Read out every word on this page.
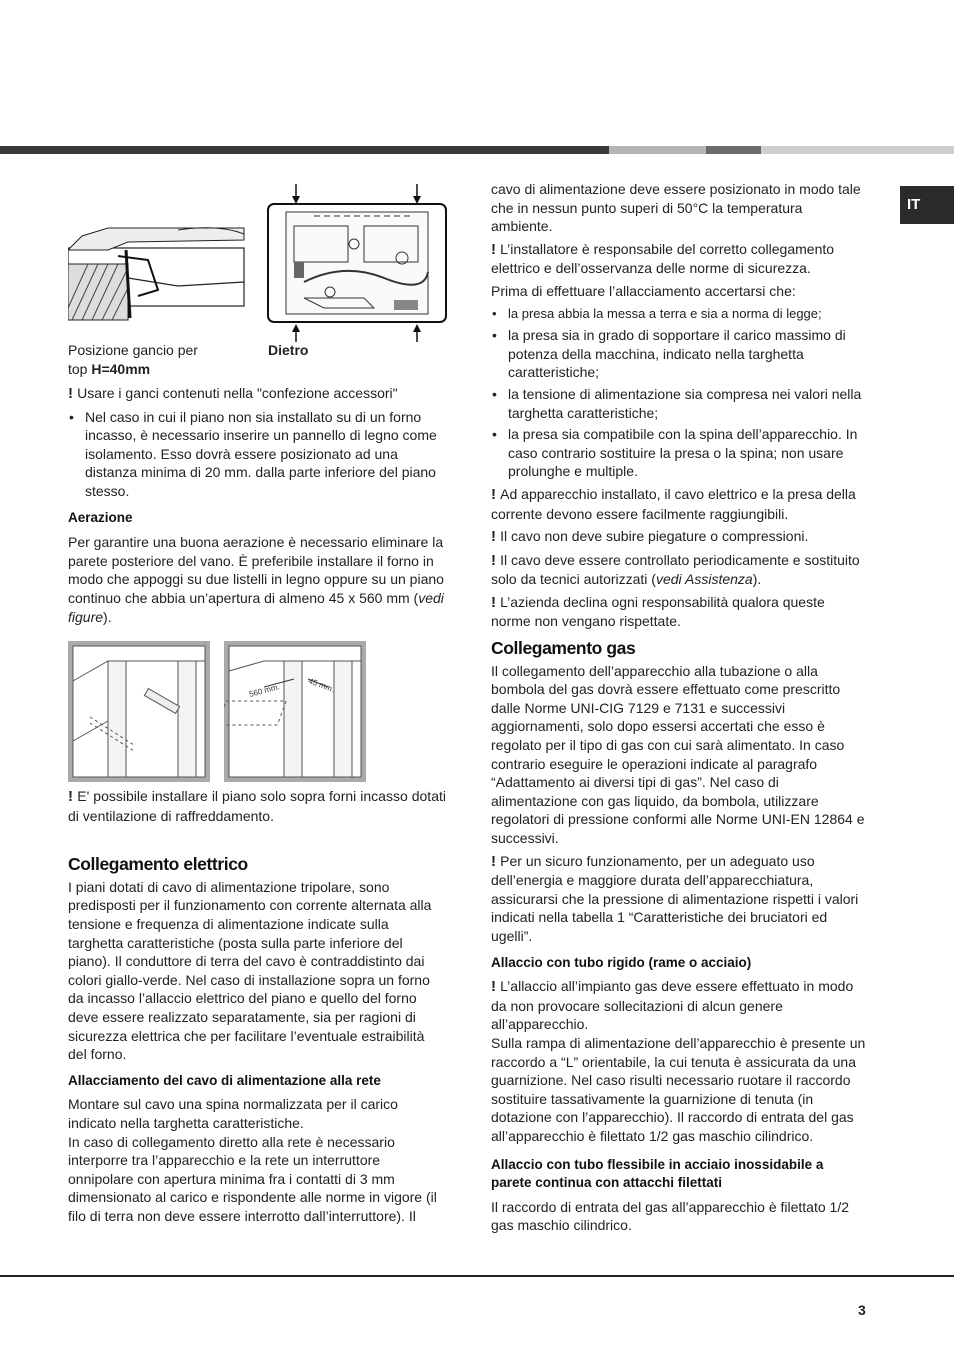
IT
Posizione gancio per
top H=40mm
Dietro

! Usare i ganci contenuti nella "confezione accessori"

• Nel caso in cui il piano non sia installato su di un forno incasso, è necessario inserire un pannello di legno come isolamento. Esso dovrà essere posizionato ad una distanza minima di 20 mm. dalla parte inferiore del piano stesso.
Aerazione

Per garantire una buona aerazione è necessario eliminare la parete posteriore del vano. È preferibile installare il forno in modo che appoggi su due listelli in legno oppure su un piano continuo che abbia un’apertura di almeno 45 x 560 mm (vedi figure).

560 mm.	45 mm.

! E' possibile installare il piano solo sopra forni incasso dotati di ventilazione di raffreddamento.

Collegamento elettrico

I piani dotati di cavo di alimentazione tripolare, sono predisposti per il funzionamento con corrente alternata alla tensione e frequenza di alimentazione indicate sulla targhetta caratteristiche (posta sulla parte inferiore del piano). Il conduttore di terra del cavo è contraddistinto dai colori giallo-verde. Nel caso di installazione sopra un forno da incasso l’allaccio elettrico del piano e quello del forno deve essere realizzato separatamente, sia per ragioni di sicurezza elettrica che per facilitare l’eventuale estraibilità del forno.

Allacciamento del cavo di alimentazione alla rete

Montare sul cavo una spina normalizzata per il carico indicato nella targhetta caratteristiche.

In caso di collegamento diretto alla rete è necessario interporre tra l’apparecchio e la rete un interruttore onnipolare con apertura minima fra i contatti di 3 mm dimensionato al carico e rispondente alle norme in vigore (il filo di terra non deve essere interrotto dall’interruttore). Il

cavo di alimentazione deve essere posizionato in modo tale che in nessun punto superi di 50°C la temperatura ambiente.

! L’installatore è responsabile del corretto collegamento elettrico e dell’osservanza delle norme di sicurezza.

Prima di effettuare l’allacciamento accertarsi che:

• la presa abbia la messa a terra e sia a norma di legge;
• la presa sia in grado di sopportare il carico massimo di potenza della macchina, indicato nella targhetta caratteristiche;
• la tensione di alimentazione sia compresa nei valori nella targhetta caratteristiche;
• la presa sia compatibile con la spina dell’apparecchio. In caso contrario sostituire la presa o la spina; non usare prolunghe e multiple.

! Ad apparecchio installato, il cavo elettrico e la presa della corrente devono essere facilmente raggiungibili.

! Il cavo non deve subire piegature o compressioni.

! Il cavo deve essere controllato periodicamente e sostituito solo da tecnici autorizzati (vedi Assistenza).

! L’azienda declina ogni responsabilità qualora queste norme non vengano rispettate.

Collegamento gas

Il collegamento dell’apparecchio alla tubazione o alla bombola del gas dovrà essere effettuato come prescritto dalle Norme UNI-CIG 7129 e 7131 e successivi aggiornamenti, solo dopo essersi accertati che esso è regolato per il tipo di gas con cui sarà alimentato. In caso contrario eseguire le operazioni indicate al paragrafo “Adattamento ai diversi tipi di gas”. Nel caso di alimentazione con gas liquido, da bombola, utilizzare regolatori di pressione conformi alle Norme UNI-EN 12864 e successivi.

! Per un sicuro funzionamento, per un adeguato uso dell’energia e maggiore durata dell’apparecchiatura, assicurarsi che la pressione di alimentazione rispetti i valori indicati nella tabella 1 “Caratteristiche dei bruciatori ed ugelli”.

Allaccio con tubo rigido (rame o acciaio)

! L’allaccio all’impianto gas deve essere effettuato in modo da non provocare sollecitazioni di alcun genere all’apparecchio.

Sulla rampa di alimentazione dell’apparecchio è presente un raccordo a “L” orientabile, la cui tenuta è assicurata da una guarnizione. Nel caso risulti necessario ruotare il raccordo sostituire tassativamente la guarnizione di tenuta (in dotazione con l’apparecchio). Il raccordo di entrata del gas all’apparecchio è filettato 1/2 gas maschio cilindrico.

Allaccio con tubo flessibile in acciaio inossidabile a parete continua con attacchi filettati

Il raccordo di entrata del gas all’apparecchio è filettato 1/2 gas maschio cilindrico.

3
